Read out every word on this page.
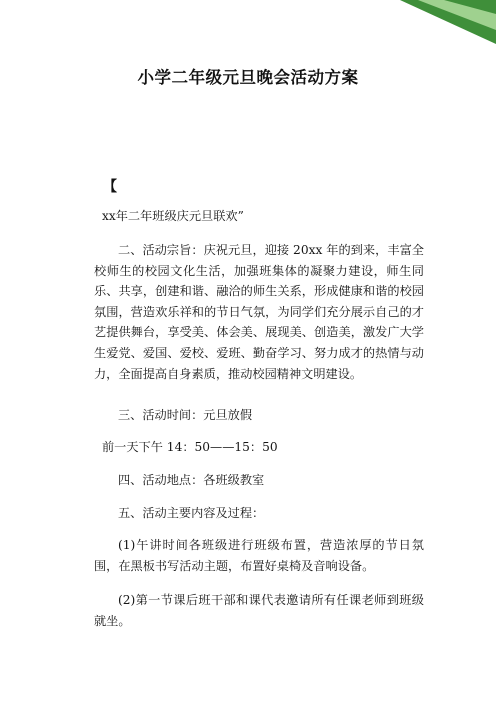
小学二年级元旦晚会活动方案
【
xx年二年班级庆元旦联欢”
二、活动宗旨：庆祝元旦，迎接 20xx 年的到来，丰富全校师生的校园文化生活，加强班集体的凝聚力建设，师生同乐、共享，创建和谐、融洽的师生关系，形成健康和谐的校园氛围，营造欢乐祥和的节日气氛，为同学们充分展示自己的才艺提供舞台，享受美、体会美、展现美、创造美，激发广大学生爱党、爱国、爱校、爱班、勤奋学习、努力成才的热情与动力，全面提高自身素质，推动校园精神文明建设。
三、活动时间：元旦放假
前一天下午 14：50——15：50
四、活动地点：各班级教室
五、活动主要内容及过程：
(1)午讲时间各班级进行班级布置，营造浓厚的节日氛围，在黑板书写活动主题，布置好桌椅及音响设备。
(2)第一节课后班干部和课代表邀请所有任课老师到班级就坐。
